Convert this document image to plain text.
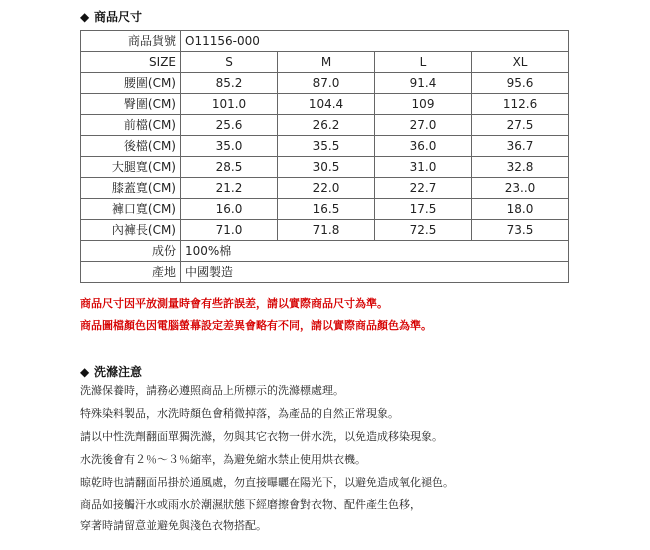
◆ 商品尺寸
商品貨號	O11156-000			
SIZE	S	M	L	XL
腰圍(CM)	85.2	87.0	91.4	95.6
臀圍(CM)	101.0	104.4	109	112.6
前檔(CM)	25.6	26.2	27.0	27.5
後檔(CM)	35.0	35.5	36.0	36.7
大腿寬(CM)	28.5	30.5	31.0	32.8
膝蓋寬(CM)	21.2	22.0	22.7	23..0
褲口寬(CM)	16.0	16.5	17.5	18.0
內褲長(CM)	71.0	71.8	72.5	73.5
成份	100%棉			
產地	中國製造			
商品尺寸因平放測量時會有些許誤差，請以實際商品尺寸為準。
商品圖檔顏色因電腦螢幕設定差異會略有不同，請以實際商品顏色為準。
◆ 洗滌注意
洗滌保養時，請務必遵照商品上所標示的洗滌標處理。
特殊染料製品，水洗時顏色會稍微掉落，為產品的自然正常現象。
請以中性洗劑翻面單獨洗滌，勿與其它衣物一併水洗，以免造成移染現象。
水洗後會有２％～３％縮率，為避免縮水禁止使用烘衣機。
晾乾時也請翻面吊掛於通風處，勿直接曝曬在陽光下，以避免造成氧化褪色。
商品如接觸汗水或雨水於潮濕狀態下經磨擦會對衣物、配件產生色移，
穿著時請留意並避免與淺色衣物搭配。
